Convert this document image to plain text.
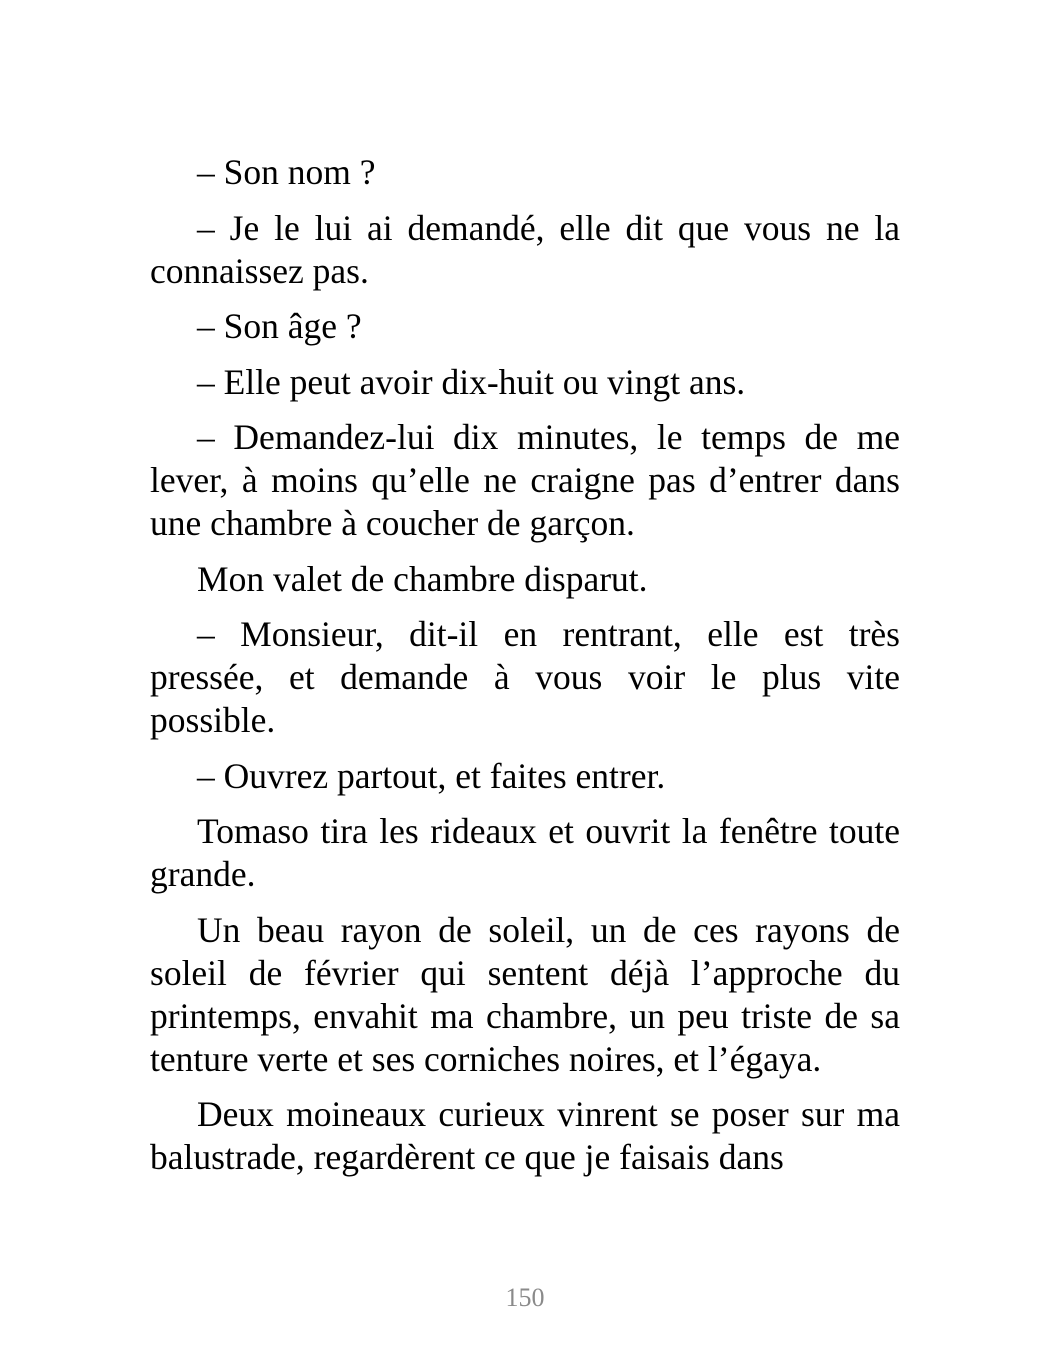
– Son nom ?

– Je le lui ai demandé, elle dit que vous ne la connaissez pas.

– Son âge ?

– Elle peut avoir dix-huit ou vingt ans.

– Demandez-lui dix minutes, le temps de me lever, à moins qu’elle ne craigne pas d’entrer dans une chambre à coucher de garçon.

Mon valet de chambre disparut.

– Monsieur, dit-il en rentrant, elle est très pressée, et demande à vous voir le plus vite possible.

– Ouvrez partout, et faites entrer.

Tomaso tira les rideaux et ouvrit la fenêtre toute grande.

Un beau rayon de soleil, un de ces rayons de soleil de février qui sentent déjà l’approche du printemps, envahit ma chambre, un peu triste de sa tenture verte et ses corniches noires, et l’égaya.

Deux moineaux curieux vinrent se poser sur ma balustrade, regardèrent ce que je faisais dans

150
